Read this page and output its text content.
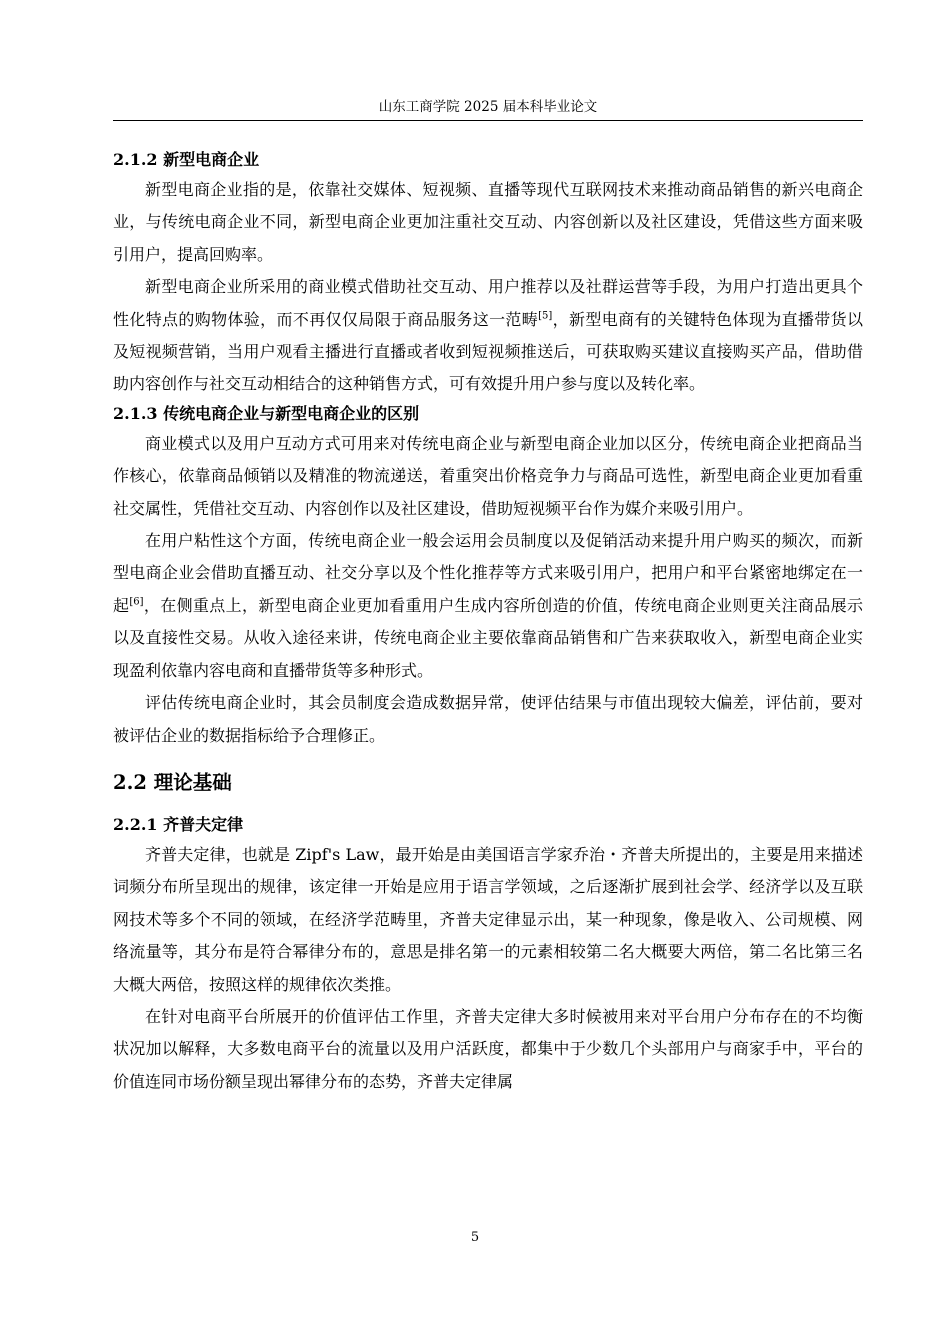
山东工商学院 2025 届本科毕业论文
2.1.2 新型电商企业

新型电商企业指的是，依靠社交媒体、短视频、直播等现代互联网技术来推动商品销售的新兴电商企业，与传统电商企业不同，新型电商企业更加注重社交互动、内容创新以及社区建设，凭借这些方面来吸引用户，提高回购率。

新型电商企业所采用的商业模式借助社交互动、用户推荐以及社群运营等手段，为用户打造出更具个性化特点的购物体验，而不再仅仅局限于商品服务这一范畴[5]，新型电商有的关键特色体现为直播带货以及短视频营销，当用户观看主播进行直播或者收到短视频推送后，可获取购买建议直接购买产品，借助借助内容创作与社交互动相结合的这种销售方式，可有效提升用户参与度以及转化率。

2.1.3 传统电商企业与新型电商企业的区别

商业模式以及用户互动方式可用来对传统电商企业与新型电商企业加以区分，传统电商企业把商品当作核心，依靠商品倾销以及精准的物流递送，着重突出价格竞争力与商品可选性，新型电商企业更加看重社交属性，凭借社交互动、内容创作以及社区建设，借助短视频平台作为媒介来吸引用户。

在用户粘性这个方面，传统电商企业一般会运用会员制度以及促销活动来提升用户购买的频次，而新型电商企业会借助直播互动、社交分享以及个性化推荐等方式来吸引用户，把用户和平台紧密地绑定在一起[6]，在侧重点上，新型电商企业更加看重用户生成内容所创造的价值，传统电商企业则更关注商品展示以及直接性交易。从收入途径来讲，传统电商企业主要依靠商品销售和广告来获取收入，新型电商企业实现盈利依靠内容电商和直播带货等多种形式。

评估传统电商企业时，其会员制度会造成数据异常，使评估结果与市值出现较大偏差，评估前，要对被评估企业的数据指标给予合理修正。

2.2 理论基础
2.2.1 齐普夫定律

齐普夫定律，也就是 Zipf's Law，最开始是由美国语言学家乔治・齐普夫所提出的，主要是用来描述词频分布所呈现出的规律，该定律一开始是应用于语言学领域，之后逐渐扩展到社会学、经济学以及互联网技术等多个不同的领域，在经济学范畴里，齐普夫定律显示出，某一种现象，像是收入、公司规模、网络流量等，其分布是符合幂律分布的，意思是排名第一的元素相较第二名大概要大两倍，第二名比第三名大概大两倍，按照这样的规律依次类推。

在针对电商平台所展开的价值评估工作里，齐普夫定律大多时候被用来对平台用户分布存在的不均衡状况加以解释，大多数电商平台的流量以及用户活跃度，都集中于少数几个头部用户与商家手中，平台的价值连同市场份额呈现出幂律分布的态势，齐普夫定律属

5
